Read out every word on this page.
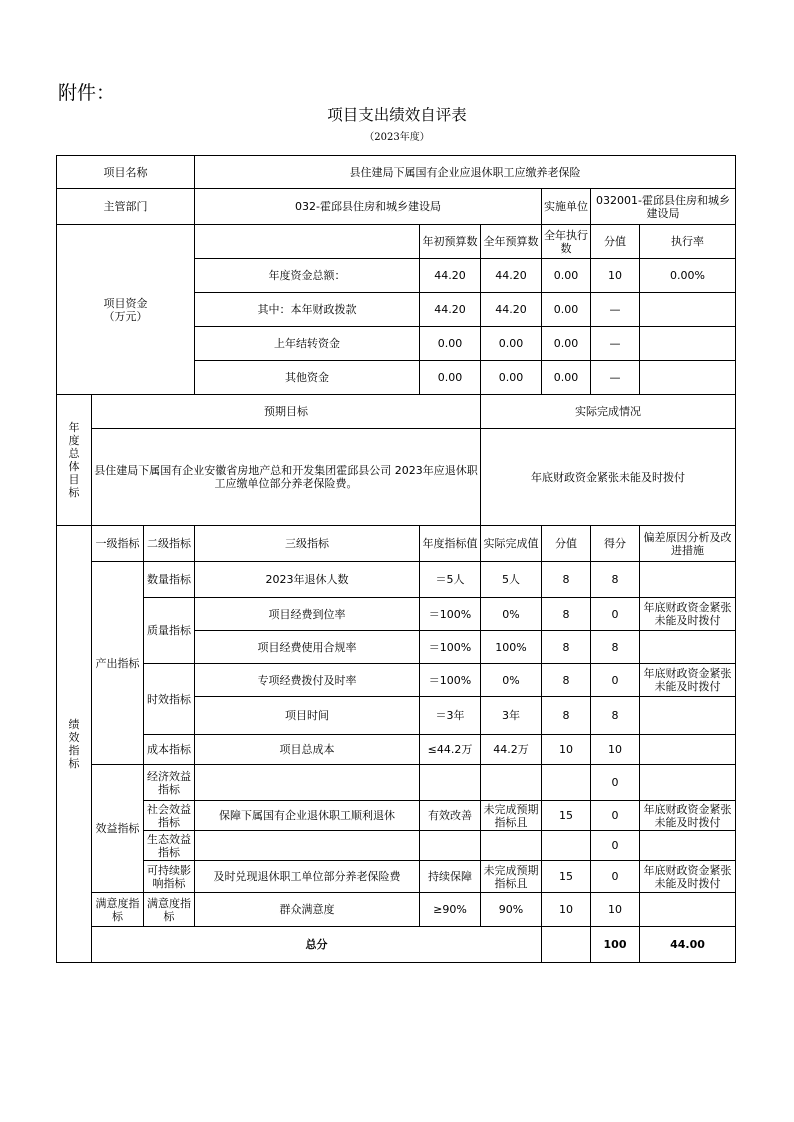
附件：
项目支出绩效自评表
（2023年度）
项目名称			县住建局下属国有企业应退休职工应缴养老保险						
主管部门			032-霍邱县住房和城乡建设局			实施单位	032001-霍邱县住房和城乡建设局		
项目资金（万元）				年初预算数	全年预算数	全年执行数	分值	执行率	
			年度资金总额：	44.20	44.20	0.00	10	0.00%	
			其中：本年财政拨款	44.20	44.20	0.00	—		
			上年结转资金	0.00	0.00	0.00	—		
			其他资金	0.00	0.00	0.00	—		
年度总体目标	预期目标				实际完成情况				
	县住建局下属国有企业安徽省房地产总和开发集团霍邱县公司 2023年应退休职工应缴单位部分养老保险费。				年底财政资金紧张未能及时拨付				
绩效指标	一级指标	二级指标	三级指标	年度指标值	实际完成值	分值	得分	偏差原因分析及改进措施	
	产出指标	数量指标	2023年退休人数	＝5人	5人	8	8		
		质量指标	项目经费到位率	＝100%	0%	8	0	年底财政资金紧张未能及时拨付	
			项目经费使用合规率	＝100%	100%	8	8		
		时效指标	专项经费拨付及时率	＝100%	0%	8	0	年底财政资金紧张未能及时拨付	
			项目时间	＝3年	3年	8	8		
		成本指标	项目总成本	≤44.2万	44.2万	10	10		
	效益指标	经济效益指标					0		
		社会效益指标	保障下属国有企业退休职工顺利退休	有效改善	未完成预期指标且	15	0	年底财政资金紧张未能及时拨付	
		生态效益指标					0		
		可持续影响指标	及时兑现退休职工单位部分养老保险费	持续保障	未完成预期指标且	15	0	年底财政资金紧张未能及时拨付	
	满意度指标	满意度指标	群众满意度	≥90%	90%	10	10		
	总分						100	44.00	
